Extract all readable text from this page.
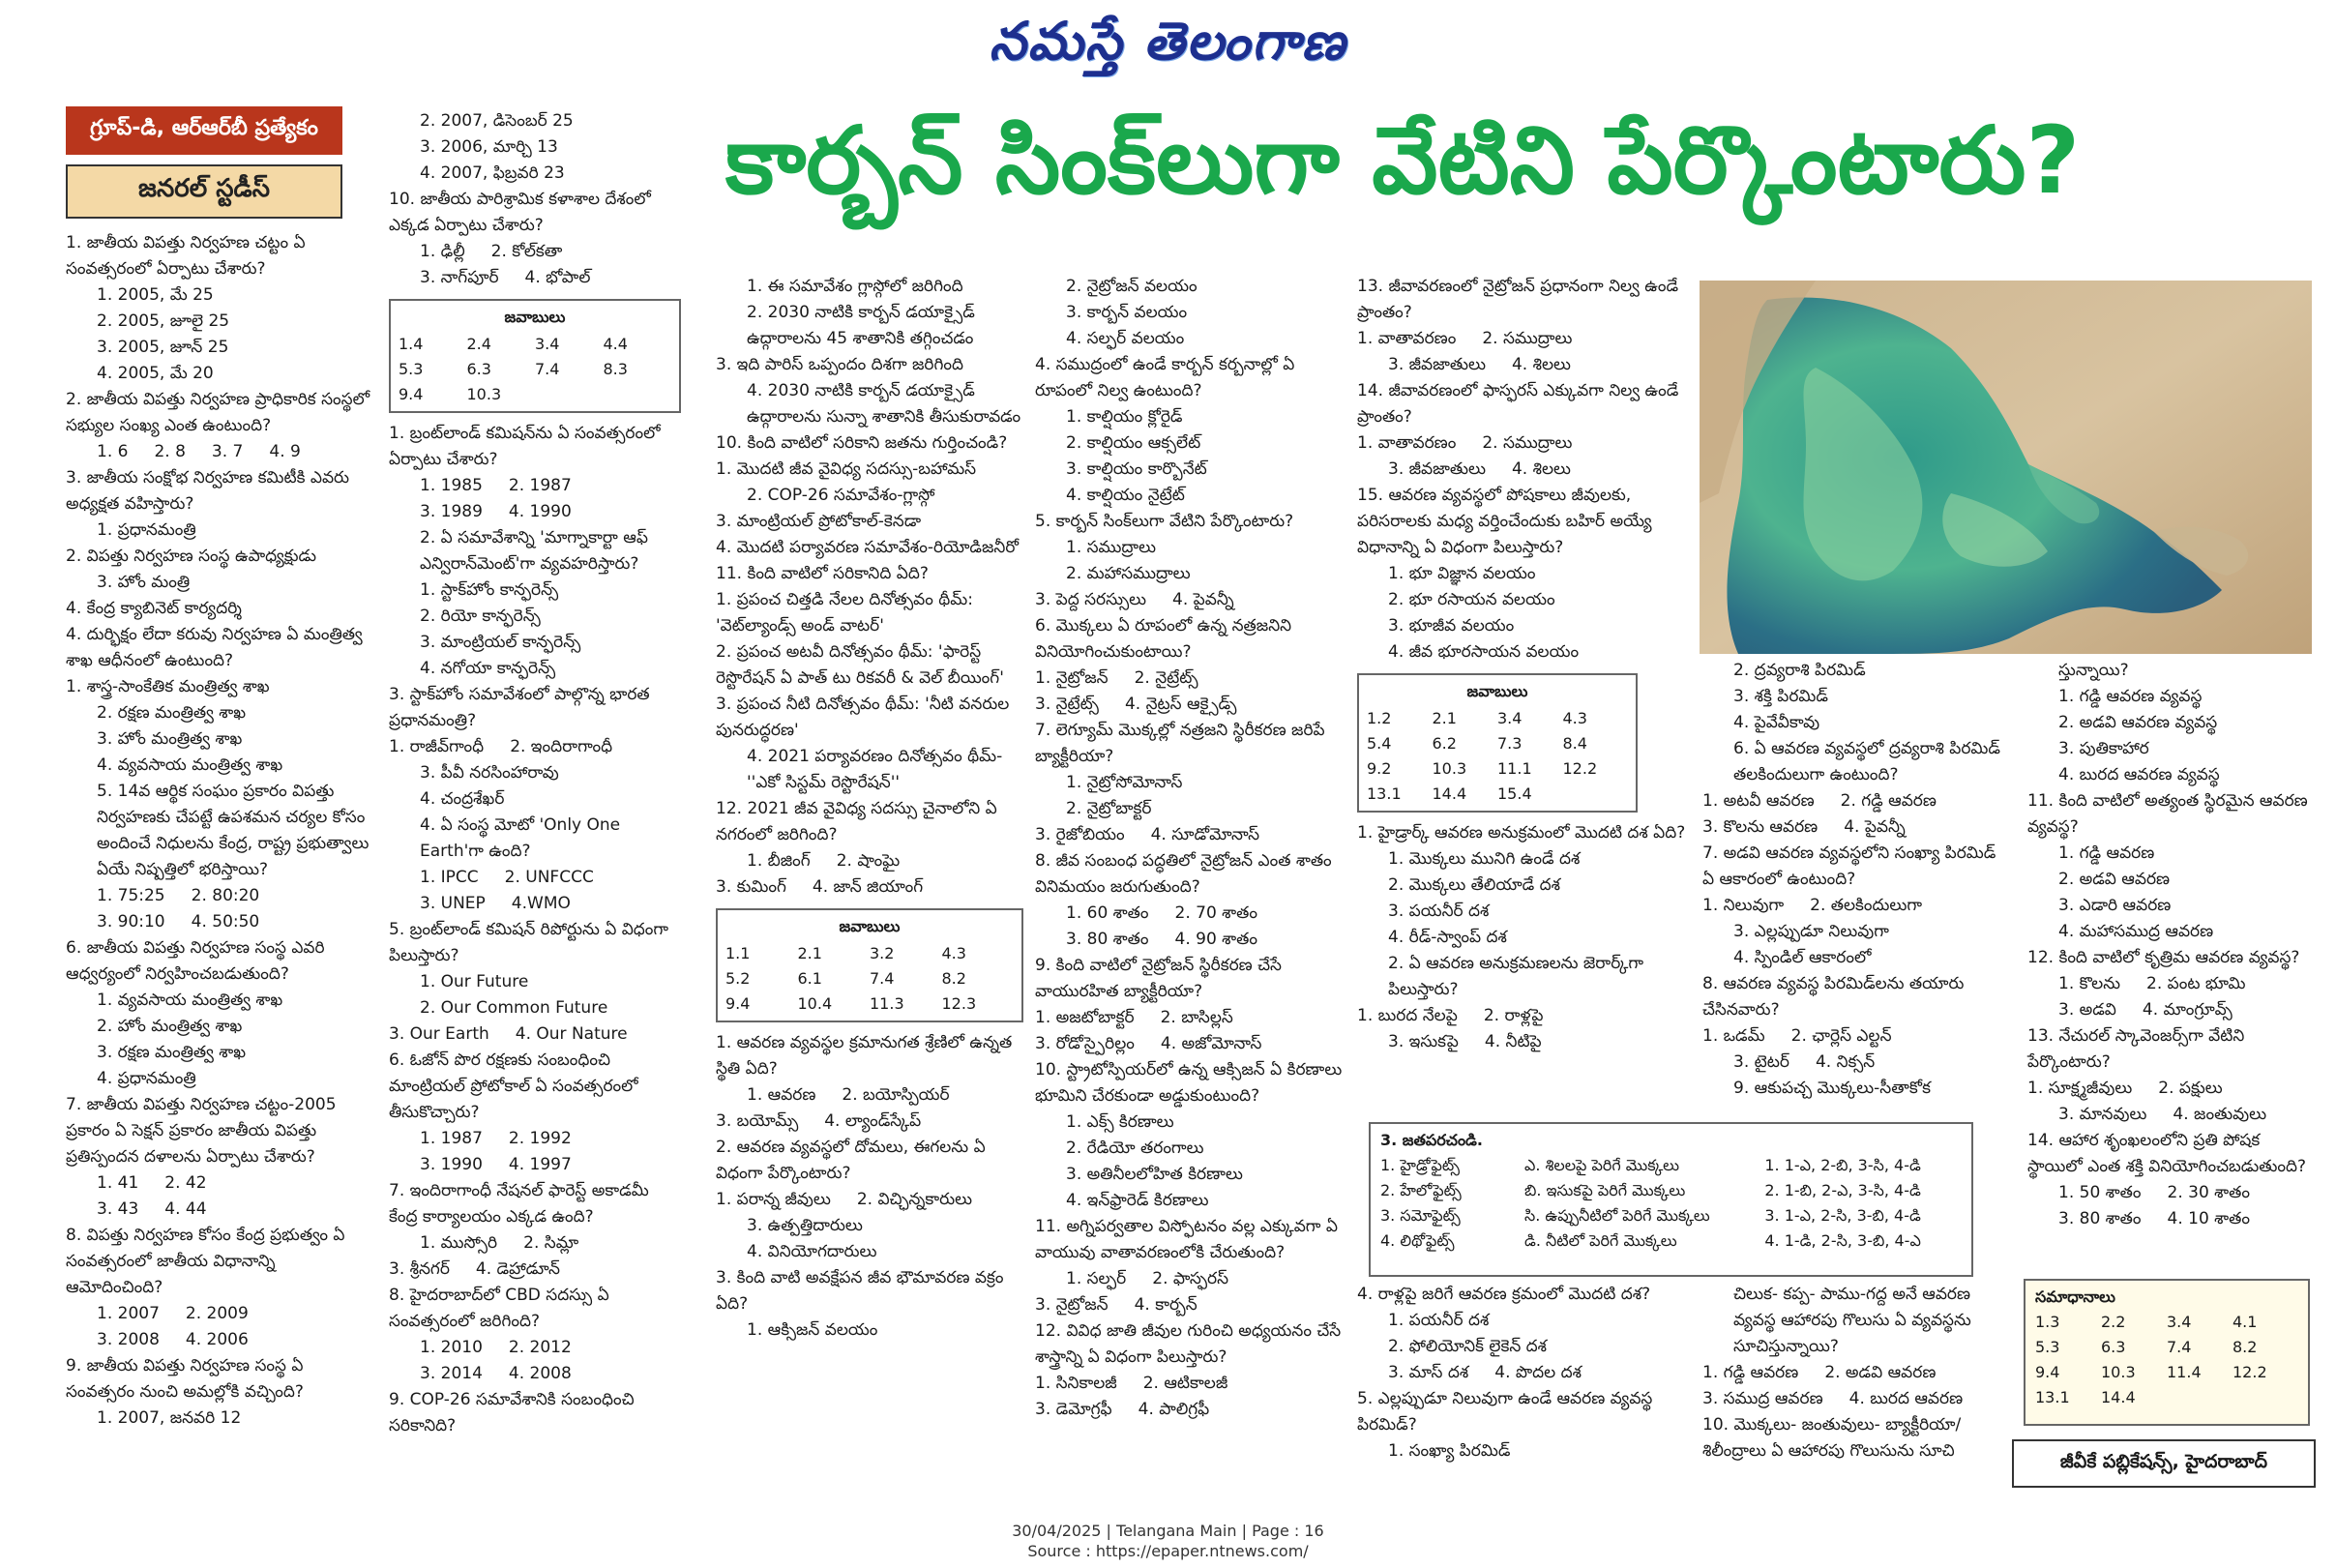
నమస్తే తెలంగాణ
కార్బన్ సింక్‌లుగా వేటిని పేర్కొంటారు?
గ్రూప్-డి, ఆర్ఆర్‌బీ ప్రత్యేకం
జనరల్ స్టడీస్
1. జాతీయ విపత్తు నిర్వహణ చట్టం ఏ సంవత్సరంలో ఏర్పాటు చేశారు?
1. 2005, మే 25
2. 2005, జూలై 25
3. 2005, జూన్ 25
4. 2005, మే 20
2. జాతీయ విపత్తు నిర్వహణ ప్రాధికారిక సంస్థలో సభ్యుల సంఖ్య ఎంత ఉంటుంది?
1. 6     2. 8     3. 7     4. 9
3. జాతీయ సంక్షోభ నిర్వహణ కమిటీకి ఎవరు అధ్యక్షత వహిస్తారు?
1. ప్రధానమంత్రి
2. విపత్తు నిర్వహణ సంస్థ ఉపాధ్యక్షుడు
3. హోం మంత్రి
4. కేంద్ర క్యాబినెట్ కార్యదర్శి
4. దుర్భిక్షం లేదా కరువు నిర్వహణ ఏ మంత్రిత్వ శాఖ ఆధీనంలో ఉంటుంది?
1. శాస్త్ర-సాంకేతిక మంత్రిత్వ శాఖ
2. రక్షణ మంత్రిత్వ శాఖ
3. హోం మంత్రిత్వ శాఖ
4. వ్యవసాయ మంత్రిత్వ శాఖ
5. 14వ ఆర్థిక సంఘం ప్రకారం విపత్తు నిర్వహణకు చేపట్టే ఉపశమన చర్యల కోసం అందించే నిధులను కేంద్ర, రాష్ట్ర ప్రభుత్వాలు ఏయే నిష్పత్తిలో భరిస్తాయి?
1. 75:25     2. 80:20
3. 90:10     4. 50:50
6. జాతీయ విపత్తు నిర్వహణ సంస్థ ఎవరి ఆధ్వర్యంలో నిర్వహించబడుతుంది?
1. వ్యవసాయ మంత్రిత్వ శాఖ
2. హోం మంత్రిత్వ శాఖ
3. రక్షణ మంత్రిత్వ శాఖ
4. ప్రధానమంత్రి
7. జాతీయ విపత్తు నిర్వహణ చట్టం-2005 ప్రకారం ఏ సెక్షన్ ప్రకారం జాతీయ విపత్తు ప్రతిస్పందన దళాలను ఏర్పాటు చేశారు?
1. 41     2. 42
3. 43     4. 44
8. విపత్తు నిర్వహణ కోసం కేంద్ర ప్రభుత్వం ఏ సంవత్సరంలో జాతీయ విధానాన్ని ఆమోదించింది?
1. 2007     2. 2009
3. 2008     4. 2006
9. జాతీయ విపత్తు నిర్వహణ సంస్థ ఏ సంవత్సరం నుంచి అమల్లోకి వచ్చింది?
1. 2007, జనవరి 12
2. 2007, డిసెంబర్ 25
3. 2006, మార్చి 13
4. 2007, ఫిబ్రవరి 23
10. జాతీయ పారిశ్రామిక కళాశాల దేశంలో ఎక్కడ ఏర్పాటు చేశారు?
1. ఢిల్లీ     2. కోల్‌కతా
3. నాగ్‌పూర్     4. భోపాల్
జవాబులు
1.4	2.4	3.4	4.4
5.3	6.3	7.4	8.3
9.4	10.3
1. బ్రంట్‌లాండ్ కమిషన్‌ను ఏ సంవత్సరంలో ఏర్పాటు చేశారు?
1. 1985     2. 1987
3. 1989     4. 1990
2. ఏ సమావేశాన్ని 'మాగ్నాకార్టా ఆఫ్ ఎన్విరాన్‌మెంట్'గా వ్యవహరిస్తారు?
1. స్టాక్‌హోం కాన్ఫరెన్స్
2. రియో కాన్ఫరెన్స్
3. మాంట్రియల్ కాన్ఫరెన్స్
4. నగోయా కాన్ఫరెన్స్
3. స్టాక్‌హోం సమావేశంలో పాల్గొన్న భారత ప్రధానమంత్రి?
1. రాజీవ్‌గాంధీ     2. ఇందిరాగాంధీ
3. పీవీ నరసింహారావు
4. చంద్రశేఖర్
4. ఏ సంస్థ మోటో 'Only One Earth'గా ఉంది?
1. IPCC     2. UNFCCC
3. UNEP     4.WMO
5. బ్రంట్‌లాండ్ కమిషన్ రిపోర్టును ఏ విధంగా పిలుస్తారు?
1. Our Future
2. Our Common Future
3. Our Earth     4. Our Nature
6. ఓజోన్ పొర రక్షణకు సంబంధించి మాంట్రియల్ ప్రోటోకాల్ ఏ సంవత్సరంలో తీసుకొచ్చారు?
1. 1987     2. 1992
3. 1990     4. 1997
7. ఇందిరాగాంధీ నేషనల్ ఫారెస్ట్ అకాడమీ కేంద్ర కార్యాలయం ఎక్కడ ఉంది?
1. ముస్సోరి     2. సిమ్లా
3. శ్రీనగర్     4. డెహ్రాడూన్
8. హైదరాబాద్‌లో CBD సదస్సు ఏ సంవత్సరంలో జరిగింది?
1. 2010     2. 2012
3. 2014     4. 2008
9. COP-26 సమావేశానికి సంబంధించి సరికానిది?
1. ఈ సమావేశం గ్లాస్గోలో జరిగింది
2. 2030 నాటికి కార్బన్ డయాక్సైడ్ ఉద్గారాలను 45 శాతానికి తగ్గించడం
3. ఇది పారిస్ ఒప్పందం దిశగా జరిగింది
4. 2030 నాటికి కార్బన్ డయాక్సైడ్ ఉద్గారాలను సున్నా శాతానికి తీసుకురావడం
10. కింది వాటిలో సరికాని జతను గుర్తించండి?
1. మొదటి జీవ వైవిధ్య సదస్సు-బహామస్
2. COP-26 సమావేశం-గ్లాస్గో
3. మాంట్రియల్ ప్రోటోకాల్-కెనడా
4. మొదటి పర్యావరణ సమావేశం-రియోడిజనీరో
11. కింది వాటిలో సరికానిది ఏది?
1. ప్రపంచ చిత్తడి నేలల దినోత్సవం థీమ్: 'వెట్‌ల్యాండ్స్ అండ్ వాటర్'
2. ప్రపంచ అటవీ దినోత్సవం థీమ్: 'ఫారెస్ట్ రెస్టొరేషన్ ఏ పాత్ టు రికవరీ & వెల్ బీయింగ్'
3. ప్రపంచ నీటి దినోత్సవం థీమ్: 'నీటి వనరుల పునరుద్ధరణ'
4. 2021 పర్యావరణం దినోత్సవం థీమ్- ''ఎకో సిస్టమ్ రెస్టొరేషన్''
12. 2021 జీవ వైవిధ్య సదస్సు చైనాలోని ఏ నగరంలో జరిగింది?
1. బీజింగ్     2. షాంఘై
3. కుమింగ్     4. జాన్ జియాంగ్
జవాబులు
1.1	2.1	3.2	4.3
5.2	6.1	7.4	8.2
9.4	10.4	11.3	12.3
1. ఆవరణ వ్యవస్థల క్రమానుగత శ్రేణిలో ఉన్నత స్థితి ఏది?
1. ఆవరణ     2. బయోస్పియర్
3. బయోమ్స్     4. ల్యాండ్‌స్కేప్
2. ఆవరణ వ్యవస్థలో దోమలు, ఈగలను ఏ విధంగా పేర్కొంటారు?
1. పరాన్న జీవులు     2. విచ్ఛిన్నకారులు
3. ఉత్పత్తిదారులు
4. వినియోగదారులు
3. కింది వాటి అవక్షేపన జీవ భౌమావరణ వక్రం ఏది?
1. ఆక్సిజన్ వలయం
2. నైట్రోజన్ వలయం
3. కార్బన్ వలయం
4. సల్ఫర్ వలయం
4. సముద్రంలో ఉండే కార్బన్ కర్బనాల్లో ఏ రూపంలో నిల్వ ఉంటుంది?
1. కాల్షియం క్లోరైడ్
2. కాల్షియం ఆక్సలేట్
3. కాల్షియం కార్బొనేట్
4. కాల్షియం నైట్రేట్
5. కార్బన్ సింక్‌లుగా వేటిని పేర్కొంటారు?
1. సముద్రాలు
2. మహాసముద్రాలు
3. పెద్ద సరస్సులు     4. పైవన్నీ
6. మొక్కలు ఏ రూపంలో ఉన్న నత్రజనిని వినియోగించుకుంటాయి?
1. నైట్రోజన్     2. నైట్రేట్స్
3. నైట్రేట్స్     4. నైట్రస్ ఆక్సైడ్స్
7. లెగ్యూమ్ మొక్కల్లో నత్రజని స్థిరీకరణ జరిపే బ్యాక్టీరియా?
1. నైట్రోసోమోనాస్
2. నైట్రోబాక్టర్
3. రైజోబియం     4. సూడోమోనాస్
8. జీవ సంబంధ పద్ధతిలో నైట్రోజన్ ఎంత శాతం వినిమయం జరుగుతుంది?
1. 60 శాతం     2. 70 శాతం
3. 80 శాతం     4. 90 శాతం
9. కింది వాటిలో నైట్రోజన్ స్థిరీకరణ చేసే వాయురహిత బ్యాక్టీరియా?
1. అజటోబాక్టర్     2. బాసిల్లస్
3. రోడోస్పైరిల్లం     4. అజోమోనాస్
10. స్ట్రాటోస్పియర్‌లో ఉన్న ఆక్సిజన్ ఏ కిరణాలు భూమిని చేరకుండా అడ్డుకుంటుంది?
1. ఎక్స్ కిరణాలు
2. రేడియో తరంగాలు
3. అతినీలలోహిత కిరణాలు
4. ఇన్‌ఫ్రారెడ్ కిరణాలు
11. అగ్నిపర్వతాల విస్ఫోటనం వల్ల ఎక్కువగా ఏ వాయువు వాతావరణంలోకి చేరుతుంది?
1. సల్ఫర్     2. ఫాస్ఫరస్
3. నైట్రోజన్     4. కార్బన్
12. వివిధ జాతి జీవుల గురించి అధ్యయనం చేసే శాస్త్రాన్ని ఏ విధంగా పిలుస్తారు?
1. సినికాలజీ     2. ఆటికాలజీ
3. డెమోగ్రఫీ     4. పాలిగ్రఫీ
13. జీవావరణంలో నైట్రోజన్ ప్రధానంగా నిల్వ ఉండే ప్రాంతం?
1. వాతావరణం     2. సముద్రాలు
3. జీవజాతులు     4. శిలలు
14. జీవావరణంలో ఫాస్ఫరస్ ఎక్కువగా నిల్వ ఉండే ప్రాంతం?
1. వాతావరణం     2. సముద్రాలు
3. జీవజాతులు     4. శిలలు
15. ఆవరణ వ్యవస్థలో పోషకాలు జీవులకు, పరిసరాలకు మధ్య వర్తించేందుకు బహిర్ అయ్యే విధానాన్ని ఏ విధంగా పిలుస్తారు?
1. భూ విజ్ఞాన వలయం
2. భూ రసాయన వలయం
3. భూజీవ వలయం
4. జీవ భూరసాయన వలయం
జవాబులు
1.2	2.1	3.4	4.3
5.4	6.2	7.3	8.4
9.2	10.3	11.1	12.2
13.1	14.4	15.4
1. హైడ్రార్క్ ఆవరణ అనుక్రమంలో మొదటి దశ ఏది?
1. మొక్కలు మునిగి ఉండే దశ
2. మొక్కలు తేలియాడే దశ
3. పయనీర్ దశ
4. రీడ్-స్వాంప్ దశ
2. ఏ ఆవరణ అనుక్రమణలను జెరార్క్‌గా పిలుస్తారు?
1. బురద నేలపై     2. రాళ్లపై
3. ఇసుకపై     4. నీటిపై
3. జతపరచండి.
1. హైడ్రోఫైట్స్	ఎ. శిలలపై పెరిగే మొక్కలు	1. 1-ఎ, 2-బి, 3-సి, 4-డి
2. హేలోఫైట్స్	బి. ఇసుకపై పెరిగే మొక్కలు	2. 1-బి, 2-ఎ, 3-సి, 4-డి
3. సమోఫైట్స్	సి. ఉప్పునీటిలో పెరిగే మొక్కలు	3. 1-ఎ, 2-సి, 3-బి, 4-డి
4. లిథోఫైట్స్	డి. నీటిలో పెరిగే మొక్కలు	4. 1-డి, 2-సి, 3-బి, 4-ఎ
4. రాళ్లపై జరిగే ఆవరణ క్రమంలో మొదటి దశ?
1. పయనీర్ దశ
2. ఫోలియోనిక్ లైకెన్ దశ
3. మాస్ దశ     4. పొదల దశ
5. ఎల్లప్పుడూ నిలువుగా ఉండే ఆవరణ వ్యవస్థ పిరమిడ్?
1. సంఖ్యా పిరమిడ్
2. ద్రవ్యరాశి పిరమిడ్
3. శక్తి పిరమిడ్
4. పైవేవీకావు
6. ఏ ఆవరణ వ్యవస్థలో ద్రవ్యరాశి పిరమిడ్ తలకిందులుగా ఉంటుంది?
1. అటవీ ఆవరణ     2. గడ్డి ఆవరణ
3. కొలను ఆవరణ     4. పైవన్నీ
7. అడవి ఆవరణ వ్యవస్థలోని సంఖ్యా పిరమిడ్ ఏ ఆకారంలో ఉంటుంది?
1. నిలువుగా     2. తలకిందులుగా
3. ఎల్లప్పుడూ నిలువుగా
4. స్పిండిల్ ఆకారంలో
8. ఆవరణ వ్యవస్థ పిరమిడ్‌లను తయారు చేసినవారు?
1. ఒడమ్     2. ఛార్లెస్ ఎల్టన్
3. టైటర్     4. నిక్సన్
9. ఆకుపచ్చ మొక్కలు-సీతాకోక
చిలుక- కప్ప- పాము-గద్ద అనే ఆవరణ వ్యవస్థ ఆహారపు గొలుసు ఏ వ్యవస్థను సూచిస్తున్నాయి?
1. గడ్డి ఆవరణ     2. అడవి ఆవరణ
3. సముద్ర ఆవరణ     4. బురద ఆవరణ
10. మొక్కలు- జంతువులు- బ్యాక్టీరియా/ శిలీంద్రాలు ఏ ఆహారపు గొలుసును సూచి
స్తున్నాయి?
1. గడ్డి ఆవరణ వ్యవస్థ
2. అడవి ఆవరణ వ్యవస్థ
3. పుతికాహార
4. బురద ఆవరణ వ్యవస్థ
11. కింది వాటిలో అత్యంత స్థిరమైన ఆవరణ వ్యవస్థ?
1. గడ్డి ఆవరణ
2. అడవి ఆవరణ
3. ఎడారి ఆవరణ
4. మహాసముద్ర ఆవరణ
12. కింది వాటిలో కృత్రిమ ఆవరణ వ్యవస్థ?
1. కొలను     2. పంట భూమి
3. అడవి     4. మాంగ్రూవ్స్
13. నేచురల్ స్కావెంజర్స్‌గా వేటిని పేర్కొంటారు?
1. సూక్ష్మజీవులు     2. పక్షులు
3. మానవులు     4. జంతువులు
14. ఆహార శృంఖలంలోని ప్రతి పోషక స్థాయిలో ఎంత శక్తి వినియోగించబడుతుంది?
1. 50 శాతం     2. 30 శాతం
3. 80 శాతం     4. 10 శాతం
సమాధానాలు
1.3	2.2	3.4	4.1
5.3	6.3	7.4	8.2
9.4	10.3	11.4	12.2
13.1	14.4
జీవీకే పబ్లికేషన్స్, హైదరాబాద్
30/04/2025 | Telangana Main | Page : 16
Source : https://epaper.ntnews.com/
